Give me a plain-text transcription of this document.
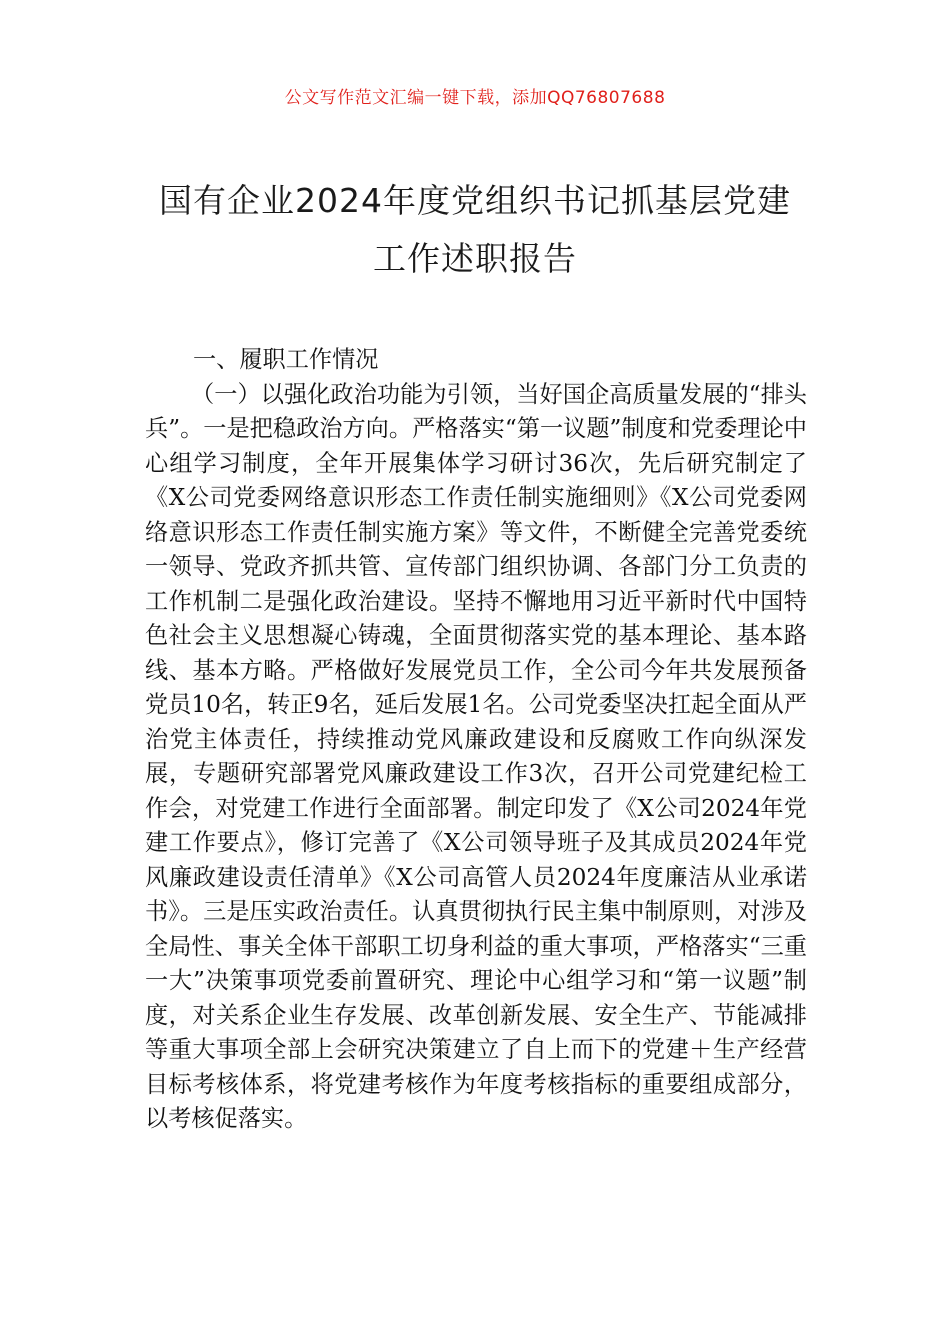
公文写作范文汇编一键下载，添加QQ76807688
国有企业2024年度党组织书记抓基层党建
工作述职报告

一、履职工作情况

（一）以强化政治功能为引领，当好国企高质量发展的“排头兵”。一是把稳政治方向。严格落实“第一议题”制度和党委理论中心组学习制度，全年开展集体学习研讨36次，先后研究制定了《X公司党委网络意识形态工作责任制实施细则》《X公司党委网络意识形态工作责任制实施方案》等文件，不断健全完善党委统一领导、党政齐抓共管、宣传部门组织协调、各部门分工负责的工作机制二是强化政治建设。坚持不懈地用习近平新时代中国特色社会主义思想凝心铸魂，全面贯彻落实党的基本理论、基本路线、基本方略。严格做好发展党员工作，全公司今年共发展预备党员10名，转正9名，延后发展1名。公司党委坚决扛起全面从严治党主体责任，持续推动党风廉政建设和反腐败工作向纵深发展，专题研究部署党风廉政建设工作3次，召开公司党建纪检工作会，对党建工作进行全面部署。制定印发了《X公司2024年党建工作要点》，修订完善了《X公司领导班子及其成员2024年党风廉政建设责任清单》《X公司高管人员2024年度廉洁从业承诺书》。三是压实政治责任。认真贯彻执行民主集中制原则，对涉及全局性、事关全体干部职工切身利益的重大事项，严格落实“三重一大”决策事项党委前置研究、理论中心组学习和“第一议题”制度，对关系企业生存发展、改革创新发展、安全生产、节能减排等重大事项全部上会研究决策建立了自上而下的党建＋生产经营目标考核体系，将党建考核作为年度考核指标的重要组成部分，以考核促落实。
